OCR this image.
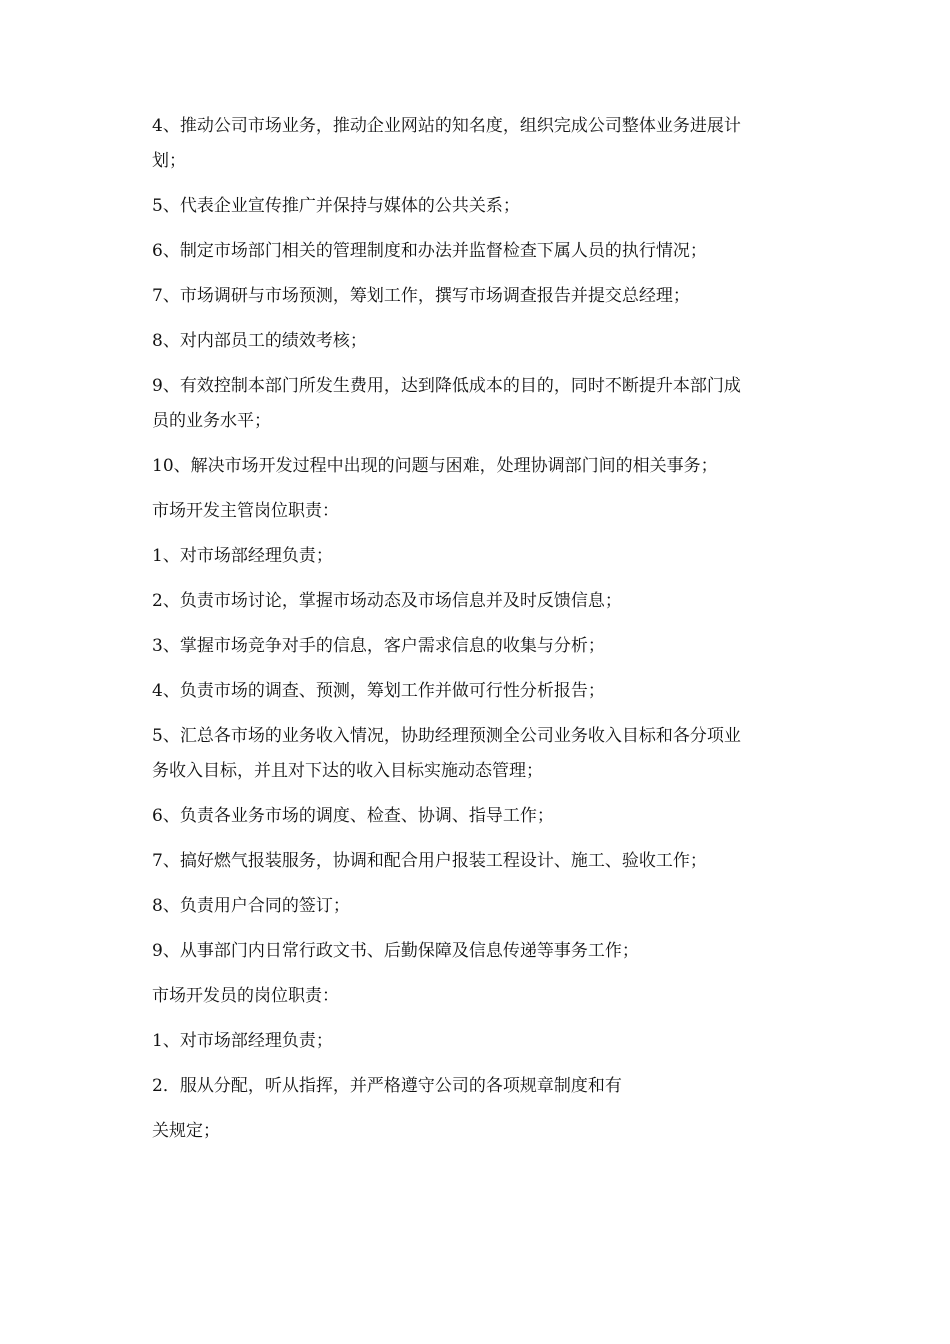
4、推动公司市场业务，推动企业网站的知名度，组织完成公司整体业务进展计

划；

5、代表企业宣传推广并保持与媒体的公共关系；

6、制定市场部门相关的管理制度和办法并监督检查下属人员的执行情况；

7、市场调研与市场预测，筹划工作，撰写市场调查报告并提交总经理；

8、对内部员工的绩效考核；

9、有效控制本部门所发生费用，达到降低成本的目的，同时不断提升本部门成

员的业务水平；

10、解决市场开发过程中出现的问题与困难，处理协调部门间的相关事务；

市场开发主管岗位职责：

1、对市场部经理负责；

2、负责市场讨论，掌握市场动态及市场信息并及时反馈信息；

3、掌握市场竞争对手的信息，客户需求信息的收集与分析；

4、负责市场的调查、预测，筹划工作并做可行性分析报告；

5、汇总各市场的业务收入情况，协助经理预测全公司业务收入目标和各分项业

务收入目标，并且对下达的收入目标实施动态管理；

6、负责各业务市场的调度、检查、协调、指导工作；

7、搞好燃气报装服务，协调和配合用户报装工程设计、施工、验收工作；

8、负责用户合同的签订；

9、从事部门内日常行政文书、后勤保障及信息传递等事务工作；

市场开发员的岗位职责：

1、对市场部经理负责；

2．服从分配，听从指挥，并严格遵守公司的各项规章制度和有

关规定；
